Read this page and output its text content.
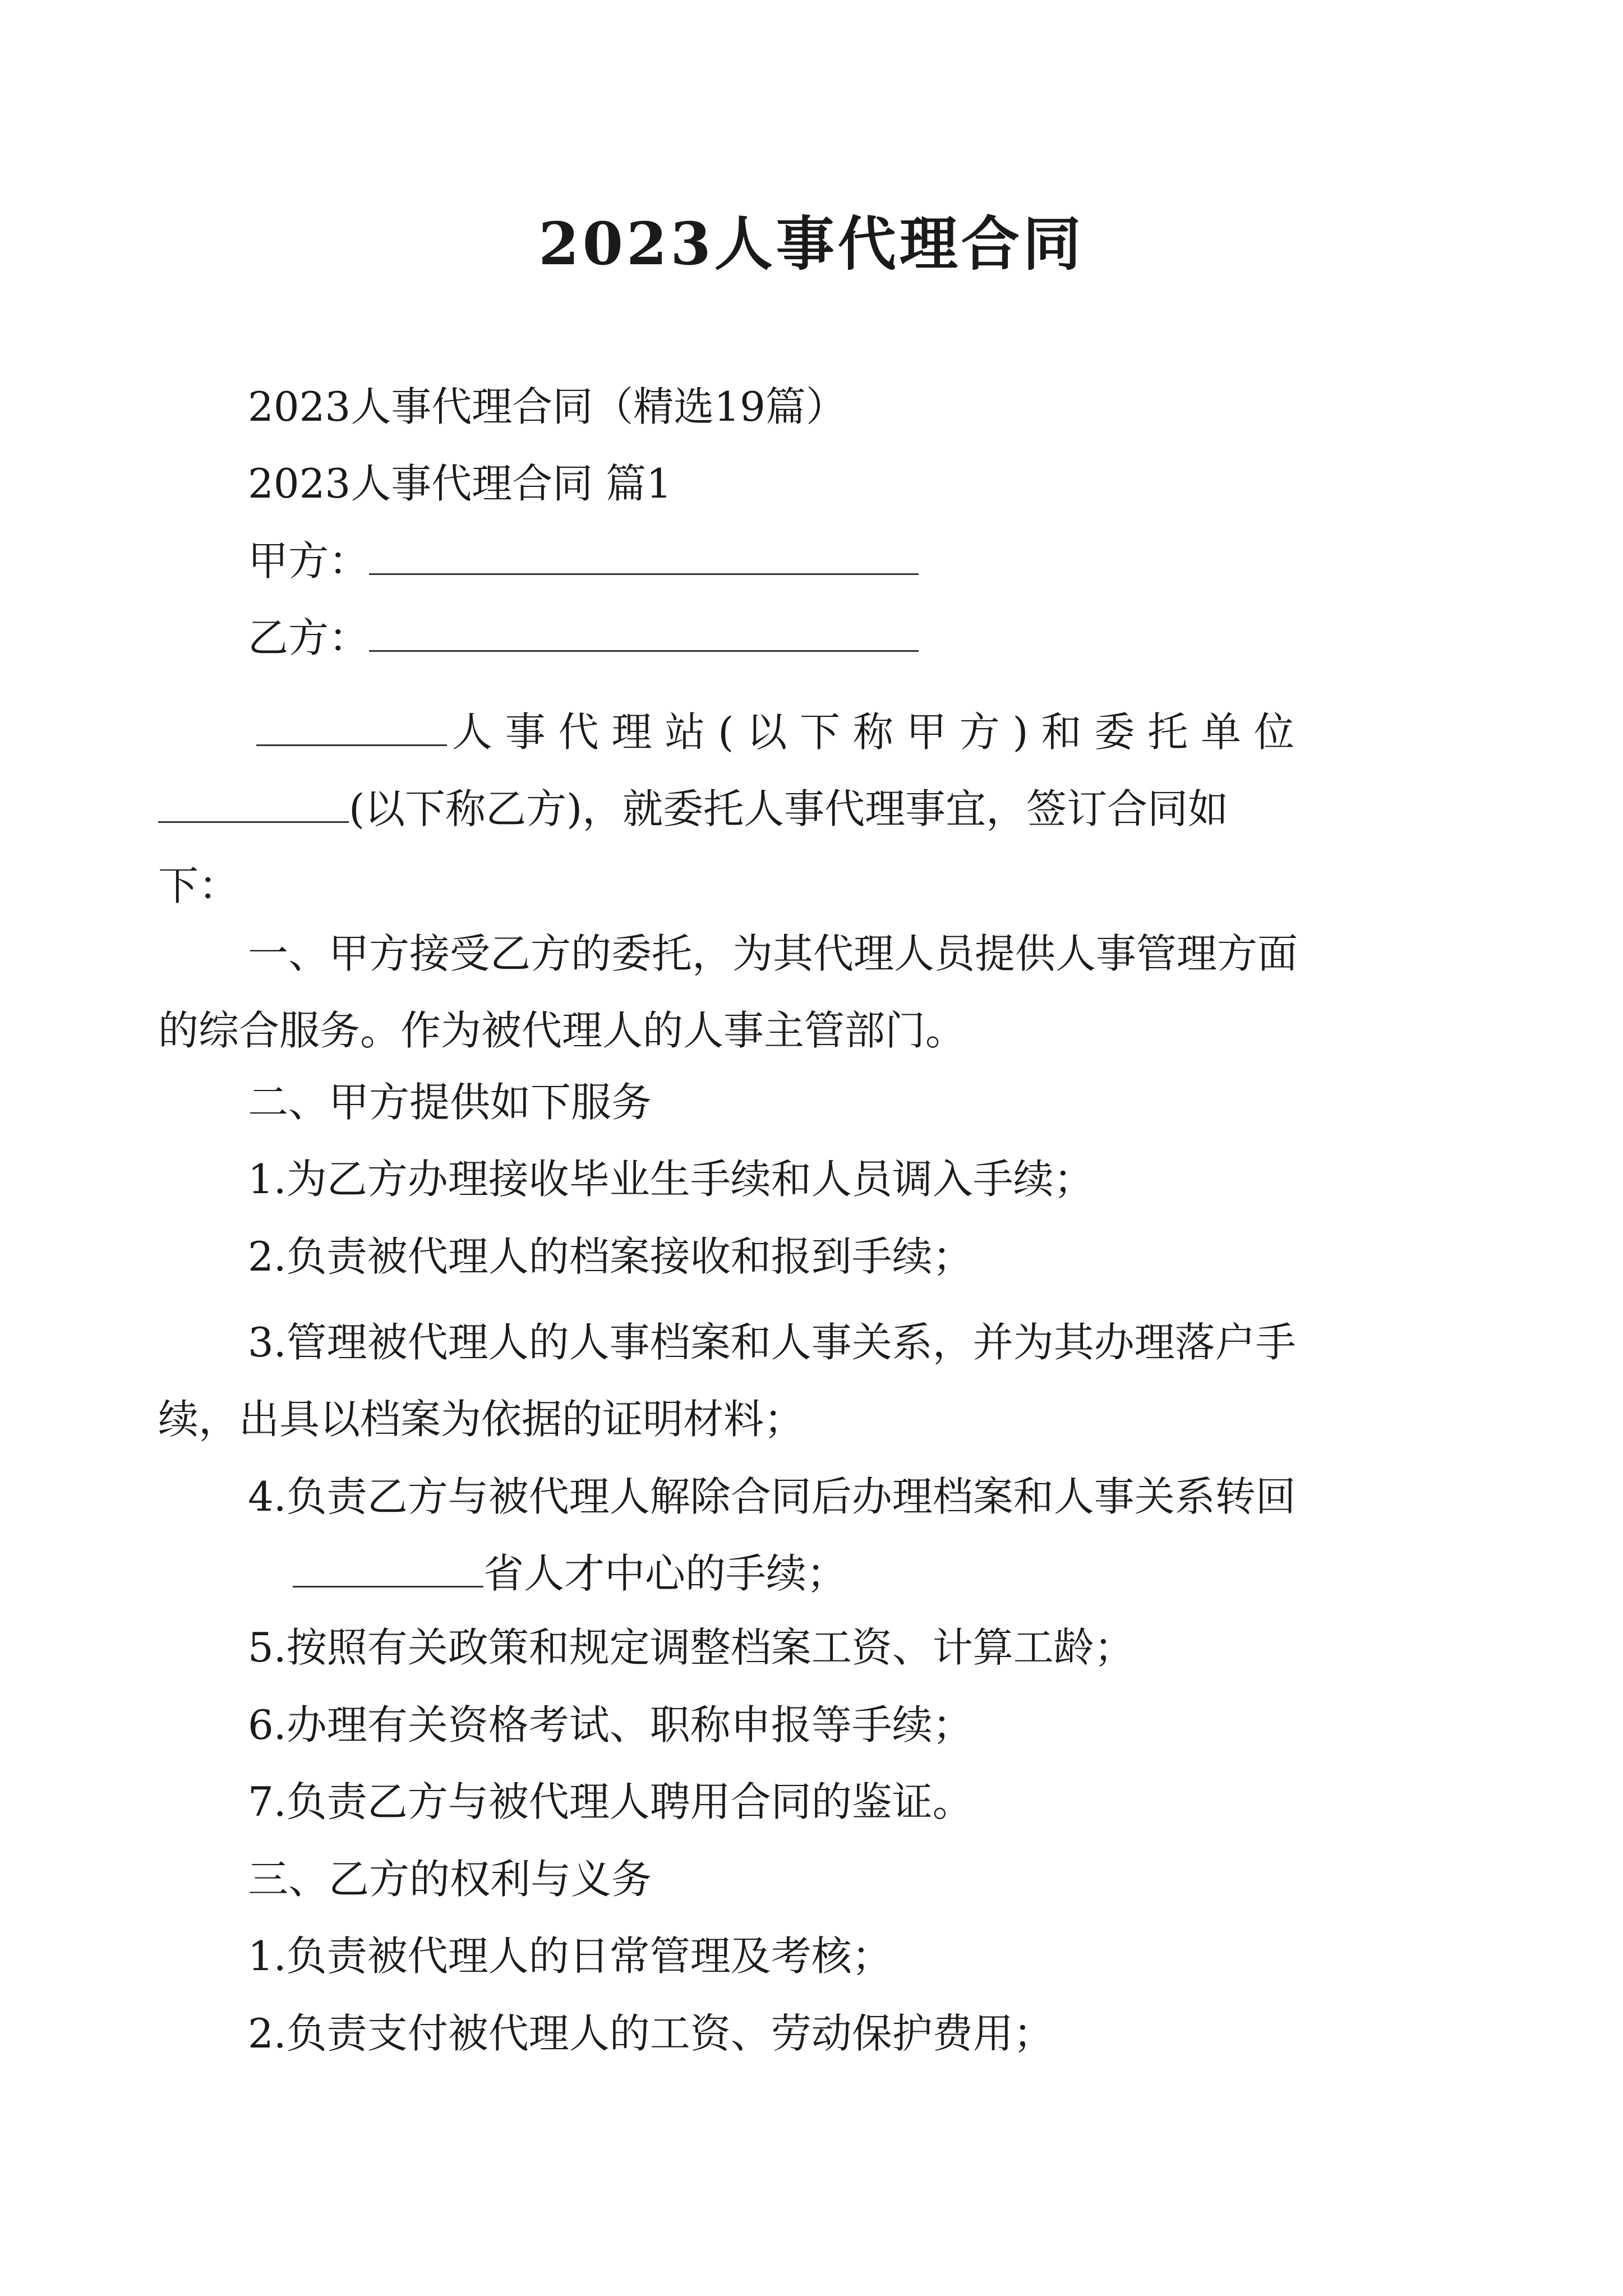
2023人事代理合同
2023人事代理合同（精选19篇）
2023人事代理合同 篇1
甲方：
乙方：
人事代理站(以下称甲方)和委托单位
(以下称乙方)，就委托人事代理事宜，签订合同如下：
一、甲方接受乙方的委托，为其代理人员提供人事管理方面的综合服务。作为被代理人的人事主管部门。
二、甲方提供如下服务
1.为乙方办理接收毕业生手续和人员调入手续；
2.负责被代理人的档案接收和报到手续；
3.管理被代理人的人事档案和人事关系，并为其办理落户手续，出具以档案为依据的证明材料；
4.负责乙方与被代理人解除合同后办理档案和人事关系转回
省人才中心的手续；
5.按照有关政策和规定调整档案工资、计算工龄；
6.办理有关资格考试、职称申报等手续；
7.负责乙方与被代理人聘用合同的鉴证。
三、乙方的权利与义务
1.负责被代理人的日常管理及考核；
2.负责支付被代理人的工资、劳动保护费用；
